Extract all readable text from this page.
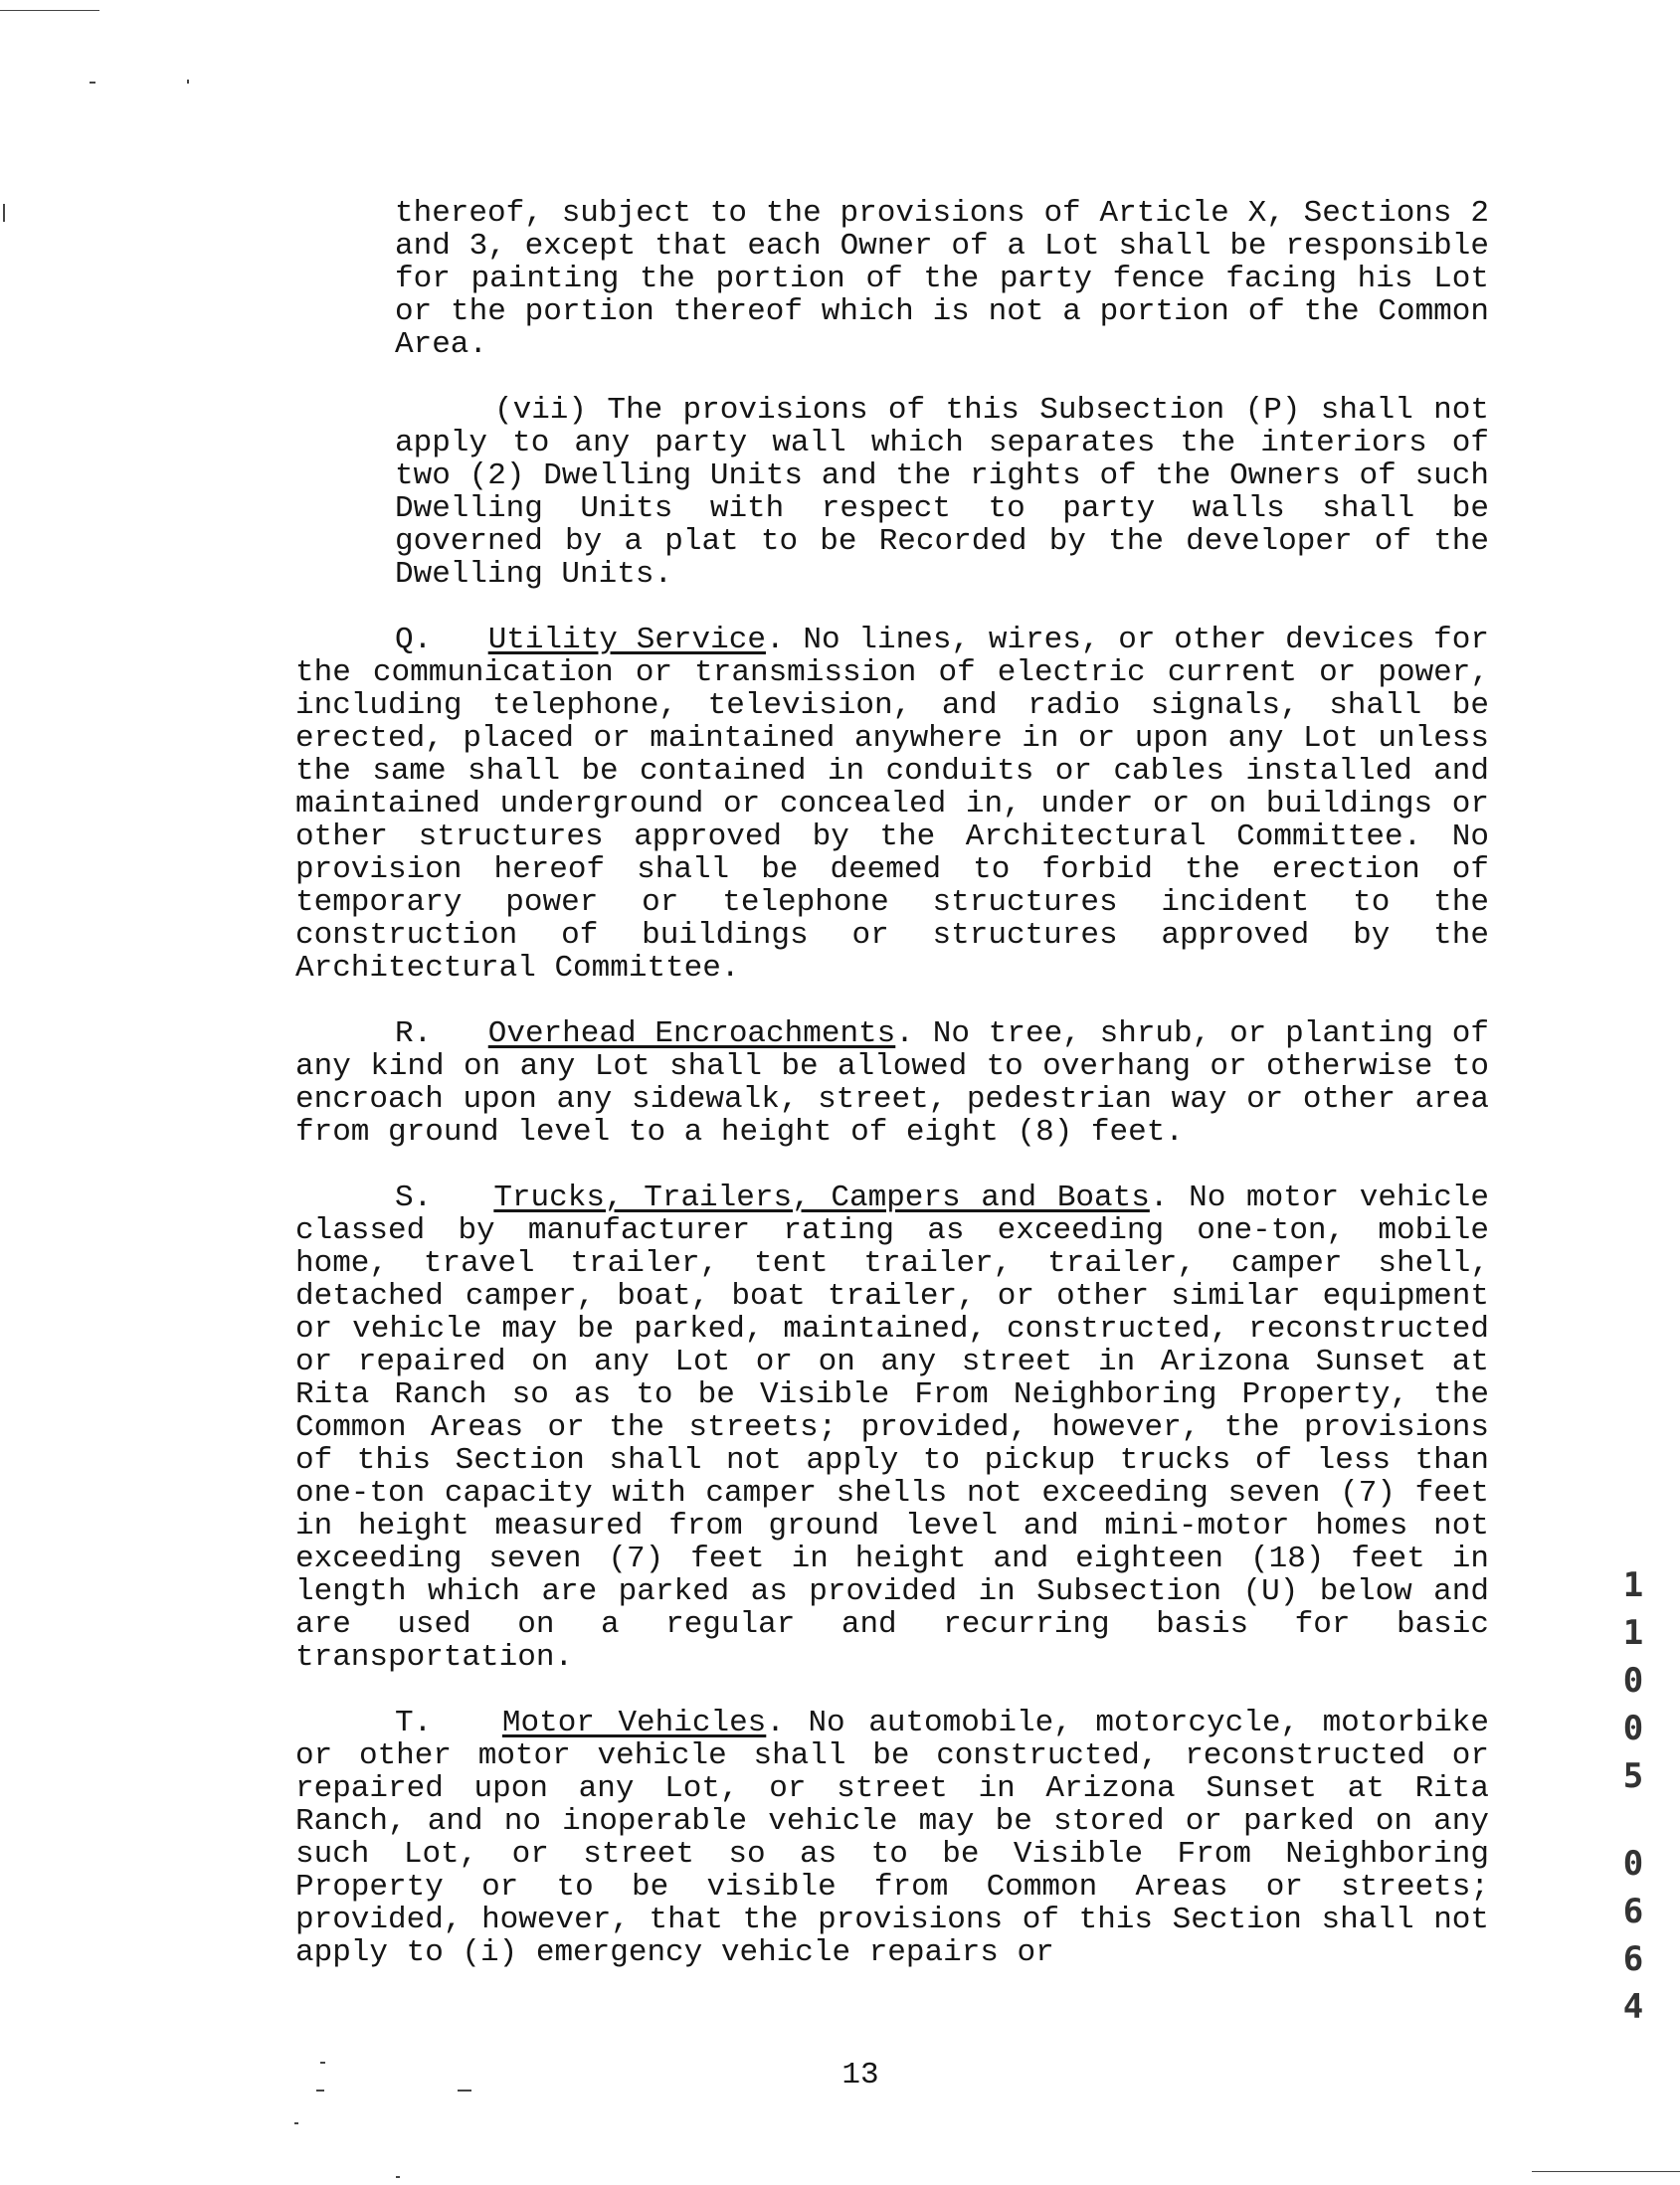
thereof, subject to the provisions of Article X, Sections 2 and 3, except that each Owner of a Lot shall be responsible for painting the portion of the party fence facing his Lot or the portion thereof which is not a portion of the Common Area.

(vii) The provisions of this Subsection (P) shall not apply to any party wall which separates the interiors of two (2) Dwelling Units and the rights of the Owners of such Dwelling Units with respect to party walls shall be governed by a plat to be Recorded by the developer of the Dwelling Units.

Q. Utility Service. No lines, wires, or other devices for the communication or transmission of electric current or power, including telephone, television, and radio signals, shall be erected, placed or maintained anywhere in or upon any Lot unless the same shall be contained in conduits or cables installed and maintained underground or concealed in, under or on buildings or other structures approved by the Architectural Committee. No provision hereof shall be deemed to forbid the erection of temporary power or telephone structures incident to the construction of buildings or structures approved by the Architectural Committee.

R. Overhead Encroachments. No tree, shrub, or planting of any kind on any Lot shall be allowed to overhang or otherwise to encroach upon any sidewalk, street, pedestrian way or other area from ground level to a height of eight (8) feet.

S. Trucks, Trailers, Campers and Boats. No motor vehicle classed by manufacturer rating as exceeding one-ton, mobile home, travel trailer, tent trailer, trailer, camper shell, detached camper, boat, boat trailer, or other similar equipment or vehicle may be parked, maintained, constructed, reconstructed or repaired on any Lot or on any street in Arizona Sunset at Rita Ranch so as to be Visible From Neighboring Property, the Common Areas or the streets; provided, however, the provisions of this Section shall not apply to pickup trucks of less than one-ton capacity with camper shells not exceeding seven (7) feet in height measured from ground level and mini-motor homes not exceeding seven (7) feet in height and eighteen (18) feet in length which are parked as provided in Subsection (U) below and are used on a regular and recurring basis for basic transportation.

T. Motor Vehicles. No automobile, motorcycle, motorbike or other motor vehicle shall be constructed, reconstructed or repaired upon any Lot, or street in Arizona Sunset at Rita Ranch, and no inoperable vehicle may be stored or parked on any such Lot, or street so as to be Visible From Neighboring Property or to be visible from Common Areas or streets; provided, however, that the provisions of this Section shall not apply to (i) emergency vehicle repairs or

13
1
1
0
0
5
0
6
6
4
